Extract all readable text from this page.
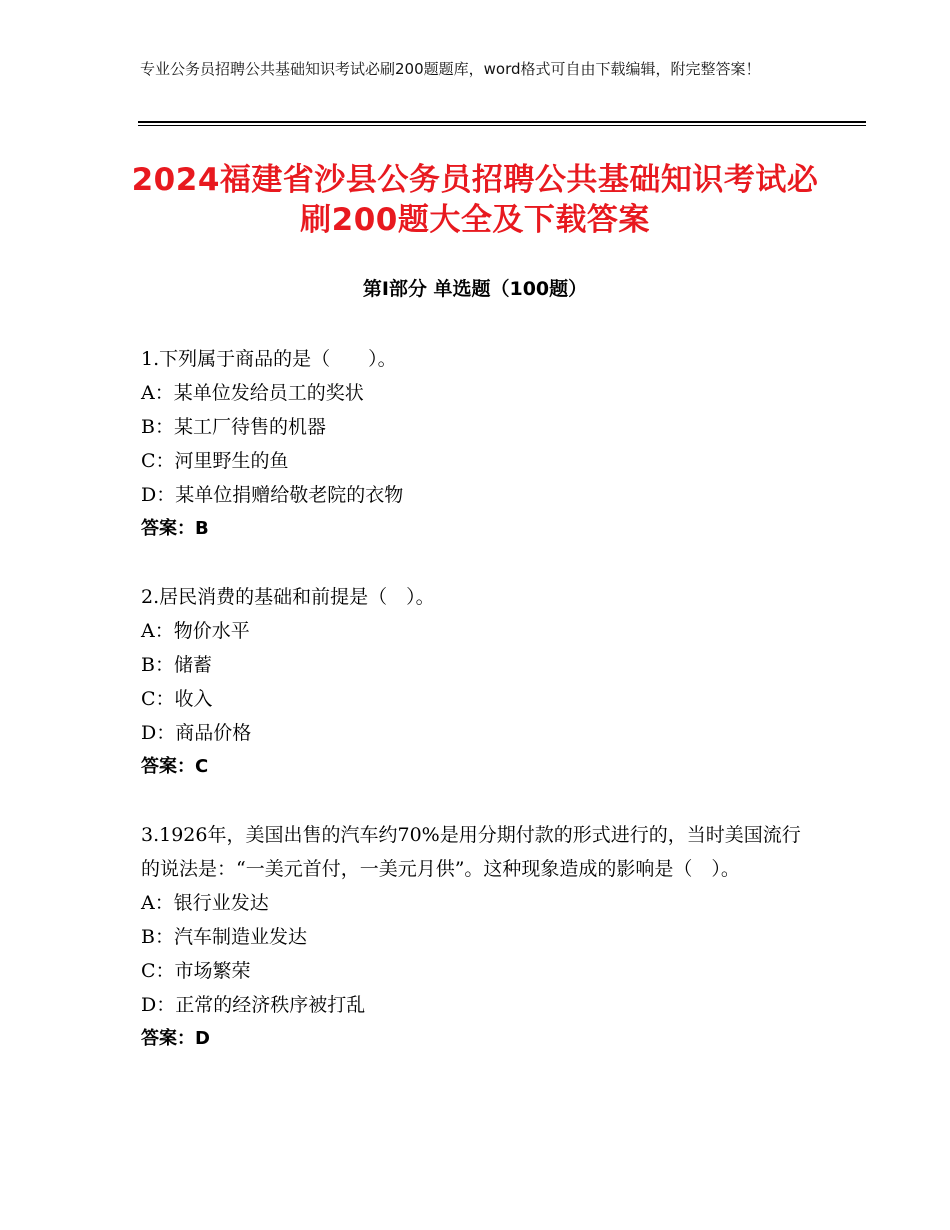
专业公务员招聘公共基础知识考试必刷200题题库，word格式可自由下载编辑，附完整答案！
2024福建省沙县公务员招聘公共基础知识考试必刷200题大全及下载答案
第Ⅰ部分 单选题（100题）

1.下列属于商品的是（　　）。

A：某单位发给员工的奖状

B：某工厂待售的机器

C：河里野生的鱼

D：某单位捐赠给敬老院的衣物

答案：B

2.居民消费的基础和前提是（　）。

A：物价水平

B：储蓄

C：收入

D：商品价格

答案：C

3.1926年，美国出售的汽车约70%是用分期付款的形式进行的，当时美国流行的说法是：“一美元首付，一美元月供”。这种现象造成的影响是（　）。

A：银行业发达

B：汽车制造业发达

C：市场繁荣

D：正常的经济秩序被打乱

答案：D
